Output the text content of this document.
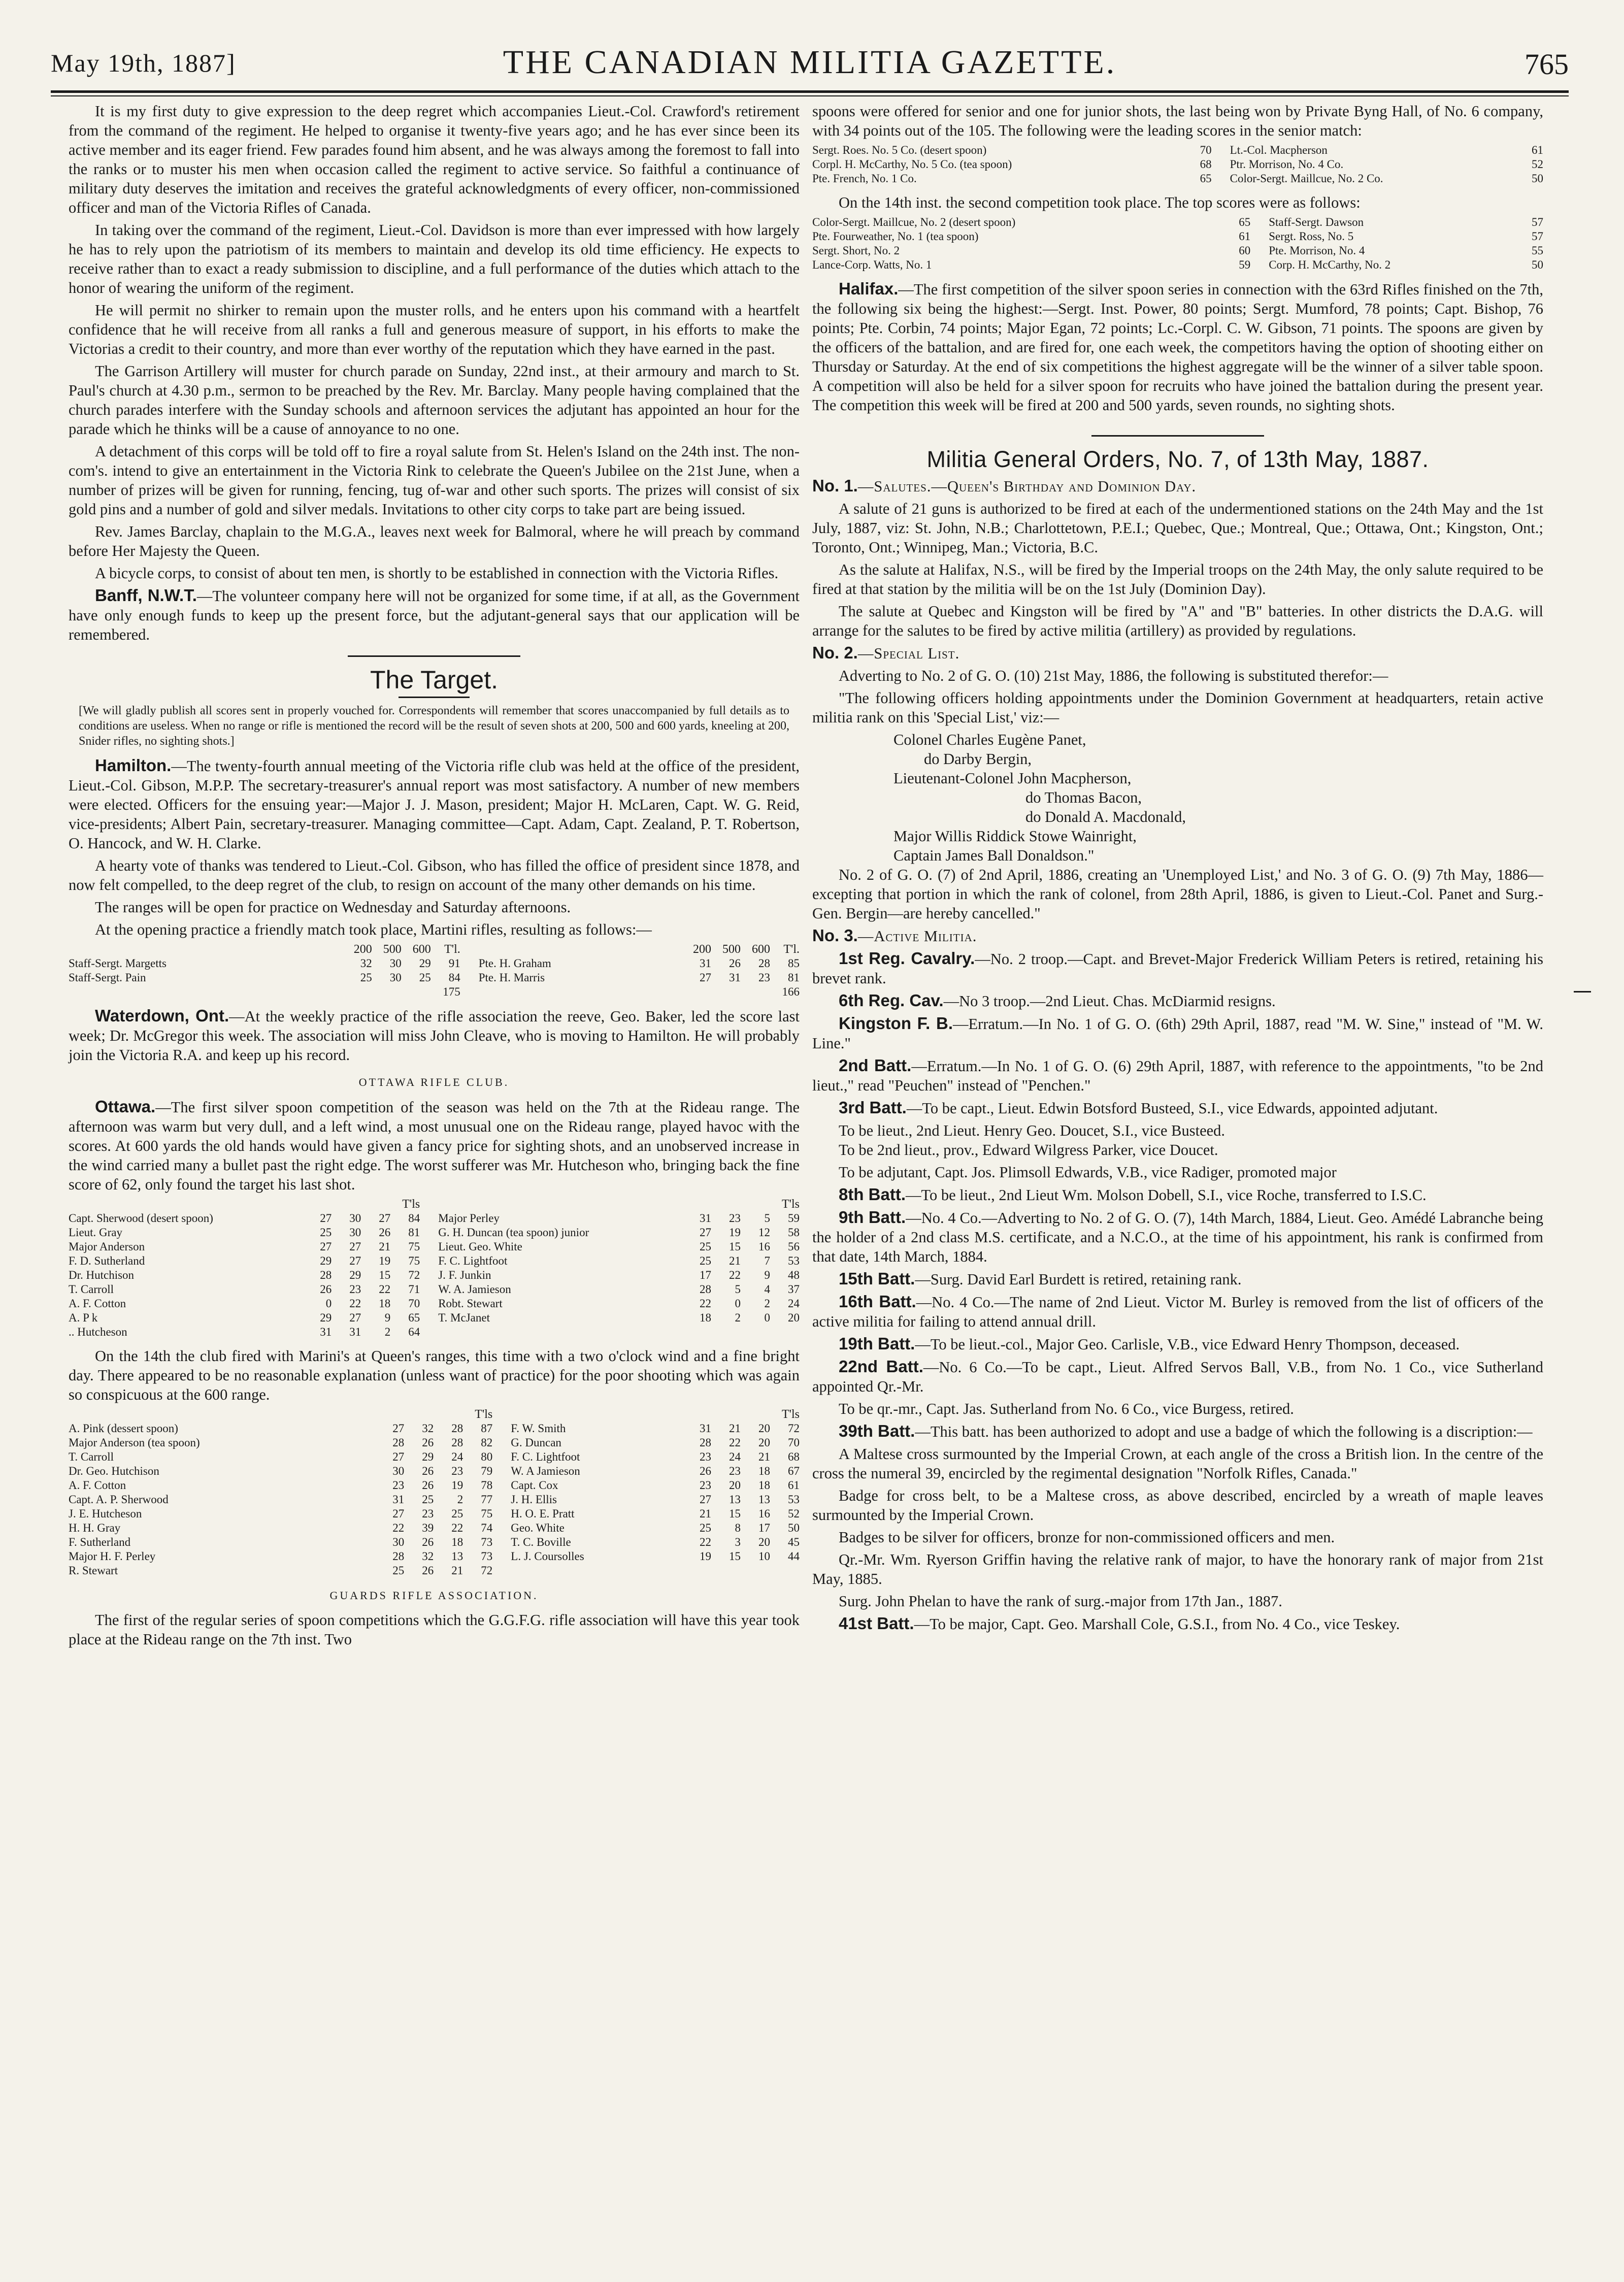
May 19th, 1887]	THE CANADIAN MILITIA GAZETTE.	765

It is my first duty to give expression to the deep regret which accompanies Lieut.-Col. Crawford's retirement from the command of the regiment. He helped to organise it twenty-five years ago; and he has ever since been its active member and its eager friend. Few parades found him absent, and he was always among the foremost to fall into the ranks or to muster his men when occasion called the regiment to active service. So faithful a continuance of military duty deserves the imitation and receives the grateful acknowledgments of every officer, non-commissioned officer and man of the Victoria Rifles of Canada.

In taking over the command of the regiment, Lieut.-Col. Davidson is more than ever impressed with how largely he has to rely upon the patriotism of its members to maintain and develop its old time efficiency. He expects to receive rather than to exact a ready submission to discipline, and a full performance of the duties which attach to the honor of wearing the uniform of the regiment.

He will permit no shirker to remain upon the muster rolls, and he enters upon his command with a heartfelt confidence that he will receive from all ranks a full and generous measure of support, in his efforts to make the Victorias a credit to their country, and more than ever worthy of the reputation which they have earned in the past.

The Garrison Artillery will muster for church parade on Sunday, 22nd inst., at their armoury and march to St. Paul's church at 4.30 p.m., sermon to be preached by the Rev. Mr. Barclay. Many people having complained that the church parades interfere with the Sunday schools and afternoon services the adjutant has appointed an hour for the parade which he thinks will be a cause of annoyance to no one.

A detachment of this corps will be told off to fire a royal salute from St. Helen's Island on the 24th inst. The non-com's. intend to give an entertainment in the Victoria Rink to celebrate the Queen's Jubilee on the 21st June, when a number of prizes will be given for running, fencing, tug of-war and other such sports. The prizes will consist of six gold pins and a number of gold and silver medals. Invitations to other city corps to take part are being issued.

Rev. James Barclay, chaplain to the M.G.A., leaves next week for Balmoral, where he will preach by command before Her Majesty the Queen.

A bicycle corps, to consist of about ten men, is shortly to be established in connection with the Victoria Rifles.

Banff, N.W.T.—The volunteer company here will not be organized for some time, if at all, as the Government have only enough funds to keep up the present force, but the adjutant-general says that our application will be remembered.

The Target.
[We will gladly publish all scores sent in properly vouched for. Correspondents will remember that scores unaccompanied by full details as to conditions are useless. When no range or rifle is mentioned the record will be the result of seven shots at 200, 500 and 600 yards, kneeling at 200, Snider rifles, no sighting shots.]

Hamilton.—The twenty-fourth annual meeting of the Victoria rifle club was held at the office of the president, Lieut.-Col. Gibson, M.P.P. The secretary-treasurer's annual report was most satisfactory. A number of new members were elected. Officers for the ensuing year:—Major J. J. Mason, president; Major H. McLaren, Capt. W. G. Reid, vice-presidents; Albert Pain, secretary-treasurer. Managing committee—Capt. Adam, Capt. Zealand, P. T. Robertson, O. Hancock, and W. H. Clarke.

A hearty vote of thanks was tendered to Lieut.-Col. Gibson, who has filled the office of president since 1878, and now felt compelled, to the deep regret of the club, to resign on account of the many other demands on his time.

The ranges will be open for practice on Wednesday and Saturday afternoons.

At the opening practice a friendly match took place, Martini rifles, resulting as follows:—

	200	500	600	T'l.			200	500	600	T'l.
Staff-Sergt. Margetts	32	30	29	91		Pte. H. Graham	31	26	28	85
Staff-Sergt. Pain	25	30	25	84		Pte. H. Marris	27	31	23	81
				175						166

Waterdown, Ont.—At the weekly practice of the rifle association the reeve, Geo. Baker, led the score last week; Dr. McGregor this week. The association will miss John Cleave, who is moving to Hamilton. He will probably join the Victoria R.A. and keep up his record.

OTTAWA RIFLE CLUB.

Ottawa.—The first silver spoon competition of the season was held on the 7th at the Rideau range. The afternoon was warm but very dull, and a left wind, a most unusual one on the Rideau range, played havoc with the scores. At 600 yards the old hands would have given a fancy price for sighting shots, and an unobserved increase in the wind carried many a bullet past the right edge. The worst sufferer was Mr. Hutcheson who, bringing back the fine score of 62, only found the target his last shot.

				T'ls						T'ls
Capt. Sherwood (desert spoon)	27	30	27	84		Major Perley	31	23	5	59
Lieut. Gray	25	30	26	81		G. H. Duncan (tea spoon) junior	27	19	12	58
Major Anderson	27	27	21	75		Lieut. Geo. White	25	15	16	56
F. D. Sutherland	29	27	19	75		F. C. Lightfoot	25	21	7	53
Dr. Hutchison	28	29	15	72		J. F. Junkin	17	22	9	48
T. Carroll	26	23	22	71		W. A. Jamieson	28	5	4	37
A. F. Cotton	0	22	18	70		Robt. Stewart	22	0	2	24
A. P k	29	27	9	65		T. McJanet	18	2	0	20
.. Hutcheson	31	31	2	64						

On the 14th the club fired with Marini's at Queen's ranges, this time with a two o'clock wind and a fine bright day. There appeared to be no reasonable explanation (unless want of practice) for the poor shooting which was again so conspicuous at the 600 range.

				T'ls						T'ls
A. Pink (dessert spoon)	27	32	28	87		F. W. Smith	31	21	20	72
Major Anderson (tea spoon)	28	26	28	82		G. Duncan	28	22	20	70
T. Carroll	27	29	24	80		F. C. Lightfoot	23	24	21	68
Dr. Geo. Hutchison	30	26	23	79		W. A Jamieson	26	23	18	67
A. F. Cotton	23	26	19	78		Capt. Cox	23	20	18	61
Capt. A. P. Sherwood	31	25	2	77		J. H. Ellis	27	13	13	53
J. E. Hutcheson	27	23	25	75		H. O. E. Pratt	21	15	16	52
H. H. Gray	22	39	22	74		Geo. White	25	8	17	50
F. Sutherland	30	26	18	73		T. C. Boville	22	3	20	45
Major H. F. Perley	28	32	13	73		L. J. Coursolles	19	15	10	44
R. Stewart	25	26	21	72						
GUARDS RIFLE ASSOCIATION.

The first of the regular series of spoon competitions which the G.G.F.G. rifle association will have this year took place at the Rideau range on the 7th inst. Two

spoons were offered for senior and one for junior shots, the last being won by Private Byng Hall, of No. 6 company, with 34 points out of the 105. The following were the leading scores in the senior match:

Sergt. Roes. No. 5 Co. (desert spoon)	70		Lt.-Col. Macpherson	61
Corpl. H. McCarthy, No. 5 Co. (tea spoon)	68		Ptr. Morrison, No. 4 Co.	52
Pte. French, No. 1 Co.	65		Color-Sergt. Maillcue, No. 2 Co.	50

On the 14th inst. the second competition took place. The top scores were as follows:

Color-Sergt. Maillcue, No. 2 (desert spoon)	65		Staff-Sergt. Dawson	57
Pte. Fourweather, No. 1 (tea spoon)	61		Sergt. Ross, No. 5	57
Sergt. Short, No. 2	60		Pte. Morrison, No. 4	55
Lance-Corp. Watts, No. 1	59		Corp. H. McCarthy, No. 2	50

Halifax.—The first competition of the silver spoon series in connection with the 63rd Rifles finished on the 7th, the following six being the highest:—Sergt. Inst. Power, 80 points; Sergt. Mumford, 78 points; Capt. Bishop, 76 points; Pte. Corbin, 74 points; Major Egan, 72 points; Lc.-Corpl. C. W. Gibson, 71 points. The spoons are given by the officers of the battalion, and are fired for, one each week, the competitors having the option of shooting either on Thursday or Saturday. At the end of six competitions the highest aggregate will be the winner of a silver table spoon. A competition will also be held for a silver spoon for recruits who have joined the battalion during the present year. The competition this week will be fired at 200 and 500 yards, seven rounds, no sighting shots.

Militia General Orders, No. 7, of 13th May, 1887.

No. 1.—Salutes.—Queen's Birthday and Dominion Day.

A salute of 21 guns is authorized to be fired at each of the undermentioned stations on the 24th May and the 1st July, 1887, viz: St. John, N.B.; Charlottetown, P.E.I.; Quebec, Que.; Montreal, Que.; Ottawa, Ont.; Kingston, Ont.; Toronto, Ont.; Winnipeg, Man.; Victoria, B.C.

As the salute at Halifax, N.S., will be fired by the Imperial troops on the 24th May, the only salute required to be fired at that station by the militia will be on the 1st July (Dominion Day).

The salute at Quebec and Kingston will be fired by "A" and "B" batteries. In other districts the D.A.G. will arrange for the salutes to be fired by active militia (artillery) as provided by regulations.

No. 2.—Special List.

Adverting to No. 2 of G. O. (10) 21st May, 1886, the following is substituted therefor:—

"The following officers holding appointments under the Dominion Government at headquarters, retain active militia rank on this 'Special List,' viz:—

Colonel Charles Eugène Panet,
do Darby Bergin,
Lieutenant-Colonel John Macpherson,
do Thomas Bacon,
do Donald A. Macdonald,
Major Willis Riddick Stowe Wainright,
Captain James Ball Donaldson."

No. 2 of G. O. (7) of 2nd April, 1886, creating an 'Unemployed List,' and No. 3 of G. O. (9) 7th May, 1886—excepting that portion in which the rank of colonel, from 28th April, 1886, is given to Lieut.-Col. Panet and Surg.-Gen. Bergin—are hereby cancelled."

No. 3.—Active Militia.

1st Reg. Cavalry.—No. 2 troop.—Capt. and Brevet-Major Frederick William Peters is retired, retaining his brevet rank.

6th Reg. Cav.—No 3 troop.—2nd Lieut. Chas. McDiarmid resigns.

Kingston F. B.—Erratum.—In No. 1 of G. O. (6th) 29th April, 1887, read "M. W. Sine," instead of "M. W. Line."

2nd Batt.—Erratum.—In No. 1 of G. O. (6) 29th April, 1887, with reference to the appointments, "to be 2nd lieut.," read "Peuchen" instead of "Penchen."

3rd Batt.—To be capt., Lieut. Edwin Botsford Busteed, S.I., vice Edwards, appointed adjutant.

To be lieut., 2nd Lieut. Henry Geo. Doucet, S.I., vice Busteed.

To be 2nd lieut., prov., Edward Wilgress Parker, vice Doucet.

To be adjutant, Capt. Jos. Plimsoll Edwards, V.B., vice Radiger, promoted major

8th Batt.—To be lieut., 2nd Lieut Wm. Molson Dobell, S.I., vice Roche, transferred to I.S.C.

9th Batt.—No. 4 Co.—Adverting to No. 2 of G. O. (7), 14th March, 1884, Lieut. Geo. Amédé Labranche being the holder of a 2nd class M.S. certificate, and a N.C.O., at the time of his appointment, his rank is confirmed from that date, 14th March, 1884.

15th Batt.—Surg. David Earl Burdett is retired, retaining rank.

16th Batt.—No. 4 Co.—The name of 2nd Lieut. Victor M. Burley is removed from the list of officers of the active militia for failing to attend annual drill.

19th Batt.—To be lieut.-col., Major Geo. Carlisle, V.B., vice Edward Henry Thompson, deceased.

22nd Batt.—No. 6 Co.—To be capt., Lieut. Alfred Servos Ball, V.B., from No. 1 Co., vice Sutherland appointed Qr.-Mr.

To be qr.-mr., Capt. Jas. Sutherland from No. 6 Co., vice Burgess, retired.

39th Batt.—This batt. has been authorized to adopt and use a badge of which the following is a discription:—

A Maltese cross surmounted by the Imperial Crown, at each angle of the cross a British lion. In the centre of the cross the numeral 39, encircled by the regimental designation "Norfolk Rifles, Canada."

Badge for cross belt, to be a Maltese cross, as above described, encircled by a wreath of maple leaves surmounted by the Imperial Crown.

Badges to be silver for officers, bronze for non-commissioned officers and men.

Qr.-Mr. Wm. Ryerson Griffin having the relative rank of major, to have the honorary rank of major from 21st May, 1885.

Surg. John Phelan to have the rank of surg.-major from 17th Jan., 1887.

41st Batt.—To be major, Capt. Geo. Marshall Cole, G.S.I., from No. 4 Co., vice Teskey.
